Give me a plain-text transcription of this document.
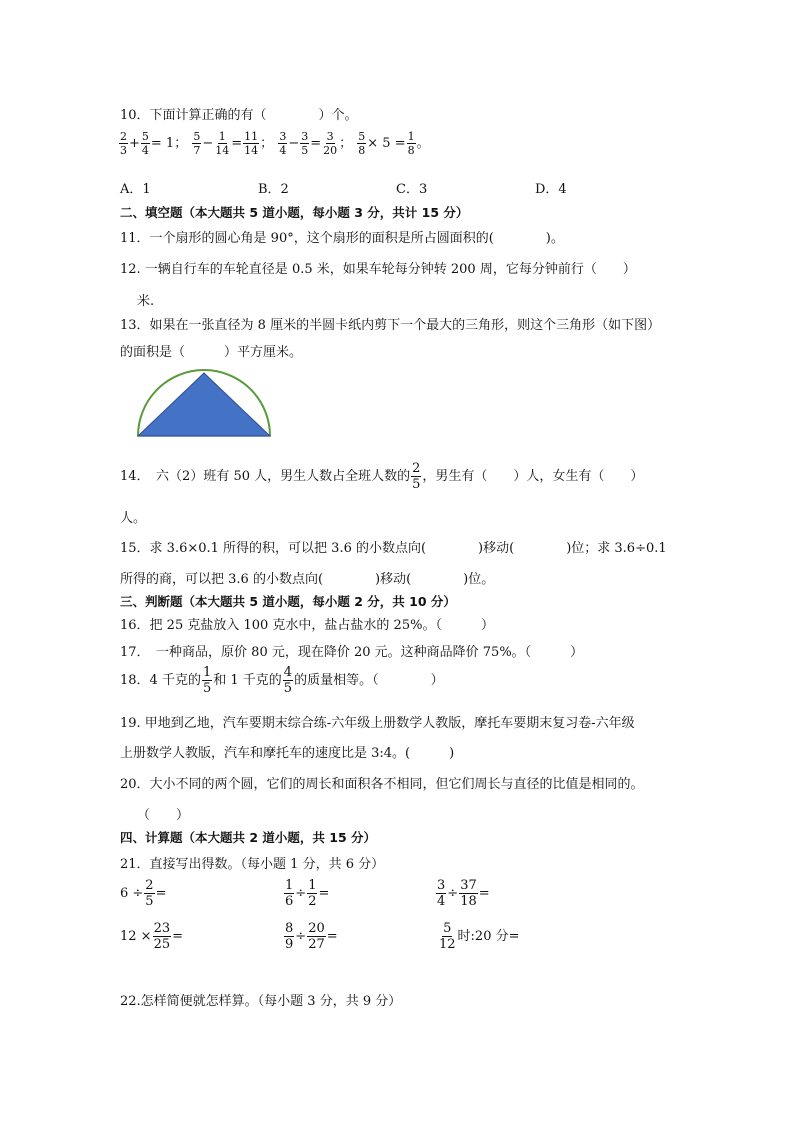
10．下面计算正确的有（　　　　）个。
$\frac{2}{3} + \frac{5}{4} = 1$； $\frac{5}{7} - \frac{1}{14} = \frac{11}{14}$ ； $\frac{3}{4} - \frac{3}{5} = \frac{3}{20}$ ； $\frac{5}{8} \times 5 = \frac{1}{8}$ 。
A．1	B．2	C．3	D．4
二、填空题（本大题共 5 道小题，每小题 3 分，共计 15 分）
11．一个扇形的圆心角是 90°，这个扇形的面积是所占圆面积的(　　　　)。
12. 一辆自行车的车轮直径是 0.5 米，如果车轮每分钟转 200 周，它每分钟前行（　　）
米.
13．如果在一张直径为 8 厘米的半圆卡纸内剪下一个最大的三角形，则这个三角形（如下图）
的面积是（　　　）平方厘米。
14．　六（2）班有 50 人，男生人数占全班人数的 $\frac{2}{5}$ ，男生有（　　）人，女生有（　　）
人。
15．求 3.6×0.1 所得的积，可以把 3.6 的小数点向(　　　　)移动(　　　　)位；求 3.6÷0.1
所得的商，可以把 3.6 的小数点向(　　　　)移动(　　　　)位。
三、判断题（本大题共 5 道小题，每小题 2 分，共 10 分）
16．把 25 克盐放入 100 克水中，盐占盐水的 25%。（　　　）
17．　一种商品，原价 80 元，现在降价 20 元。这种商品降价 75%。（　　　）
18．4 千克的 $\frac{1}{5}$ 和 1 千克的 $\frac{4}{5}$ 的质量相等。（　　　　）
19. 甲地到乙地，汽车要期末综合练-六年级上册数学人教版，摩托车要期末复习卷-六年级
上册数学人教版，汽车和摩托车的速度比是 3:4。(　　　)
20．大小不同的两个圆，它们的周长和面积各不相同，但它们周长与直径的比值是相同的。
（　　）
四、计算题（本大题共 2 道小题，共 15 分）
21．直接写出得数。（每小题 1 分，共 6 分）
$6 \div \frac{2}{5}$ =	$\frac{1}{6} \div \frac{1}{2}$ =	$\frac{3}{4} \div \frac{37}{18}$ =
$12 \times \frac{23}{25}$ =	$\frac{8}{9} \div \frac{20}{27}$ =	$\frac{5}{12}$ 时:20 分=
22.怎样简便就怎样算。（每小题 3 分，共 9 分）
